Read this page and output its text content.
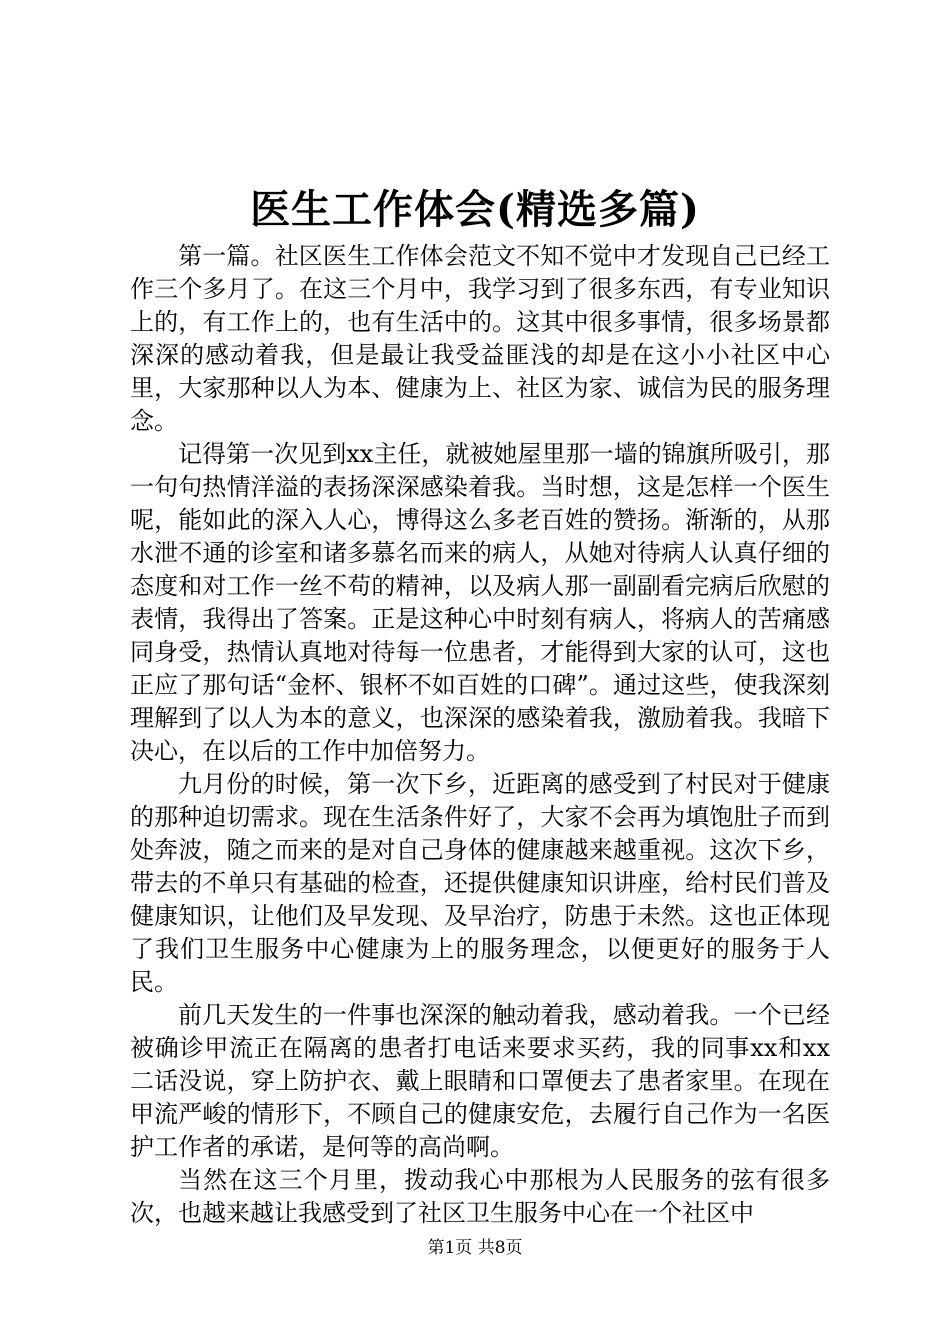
医生工作体会(精选多篇)

第一篇。社区医生工作体会范文不知不觉中才发现自己已经工作三个多月了。在这三个月中，我学习到了很多东西，有专业知识上的，有工作上的，也有生活中的。这其中很多事情，很多场景都深深的感动着我，但是最让我受益匪浅的却是在这小小社区中心里，大家那种以人为本、健康为上、社区为家、诚信为民的服务理念。

记得第一次见到xx主任，就被她屋里那一墙的锦旗所吸引，那一句句热情洋溢的表扬深深感染着我。当时想，这是怎样一个医生呢，能如此的深入人心，博得这么多老百姓的赞扬。渐渐的，从那水泄不通的诊室和诸多慕名而来的病人，从她对待病人认真仔细的态度和对工作一丝不苟的精神，以及病人那一副副看完病后欣慰的表情，我得出了答案。正是这种心中时刻有病人，将病人的苦痛感同身受，热情认真地对待每一位患者，才能得到大家的认可，这也正应了那句话“金杯、银杯不如百姓的口碑”。通过这些，使我深刻理解到了以人为本的意义，也深深的感染着我，激励着我。我暗下决心，在以后的工作中加倍努力。

九月份的时候，第一次下乡，近距离的感受到了村民对于健康的那种迫切需求。现在生活条件好了，大家不会再为填饱肚子而到处奔波，随之而来的是对自己身体的健康越来越重视。这次下乡，带去的不单只有基础的检查，还提供健康知识讲座，给村民们普及健康知识，让他们及早发现、及早治疗，防患于未然。这也正体现了我们卫生服务中心健康为上的服务理念，以便更好的服务于人民。

前几天发生的一件事也深深的触动着我，感动着我。一个已经被确诊甲流正在隔离的患者打电话来要求买药，我的同事xx和xx二话没说，穿上防护衣、戴上眼睛和口罩便去了患者家里。在现在甲流严峻的情形下，不顾自己的健康安危，去履行自己作为一名医护工作者的承诺，是何等的高尚啊。

当然在这三个月里，拨动我心中那根为人民服务的弦有很多次，也越来越让我感受到了社区卫生服务中心在一个社区中

第1页 共8页
